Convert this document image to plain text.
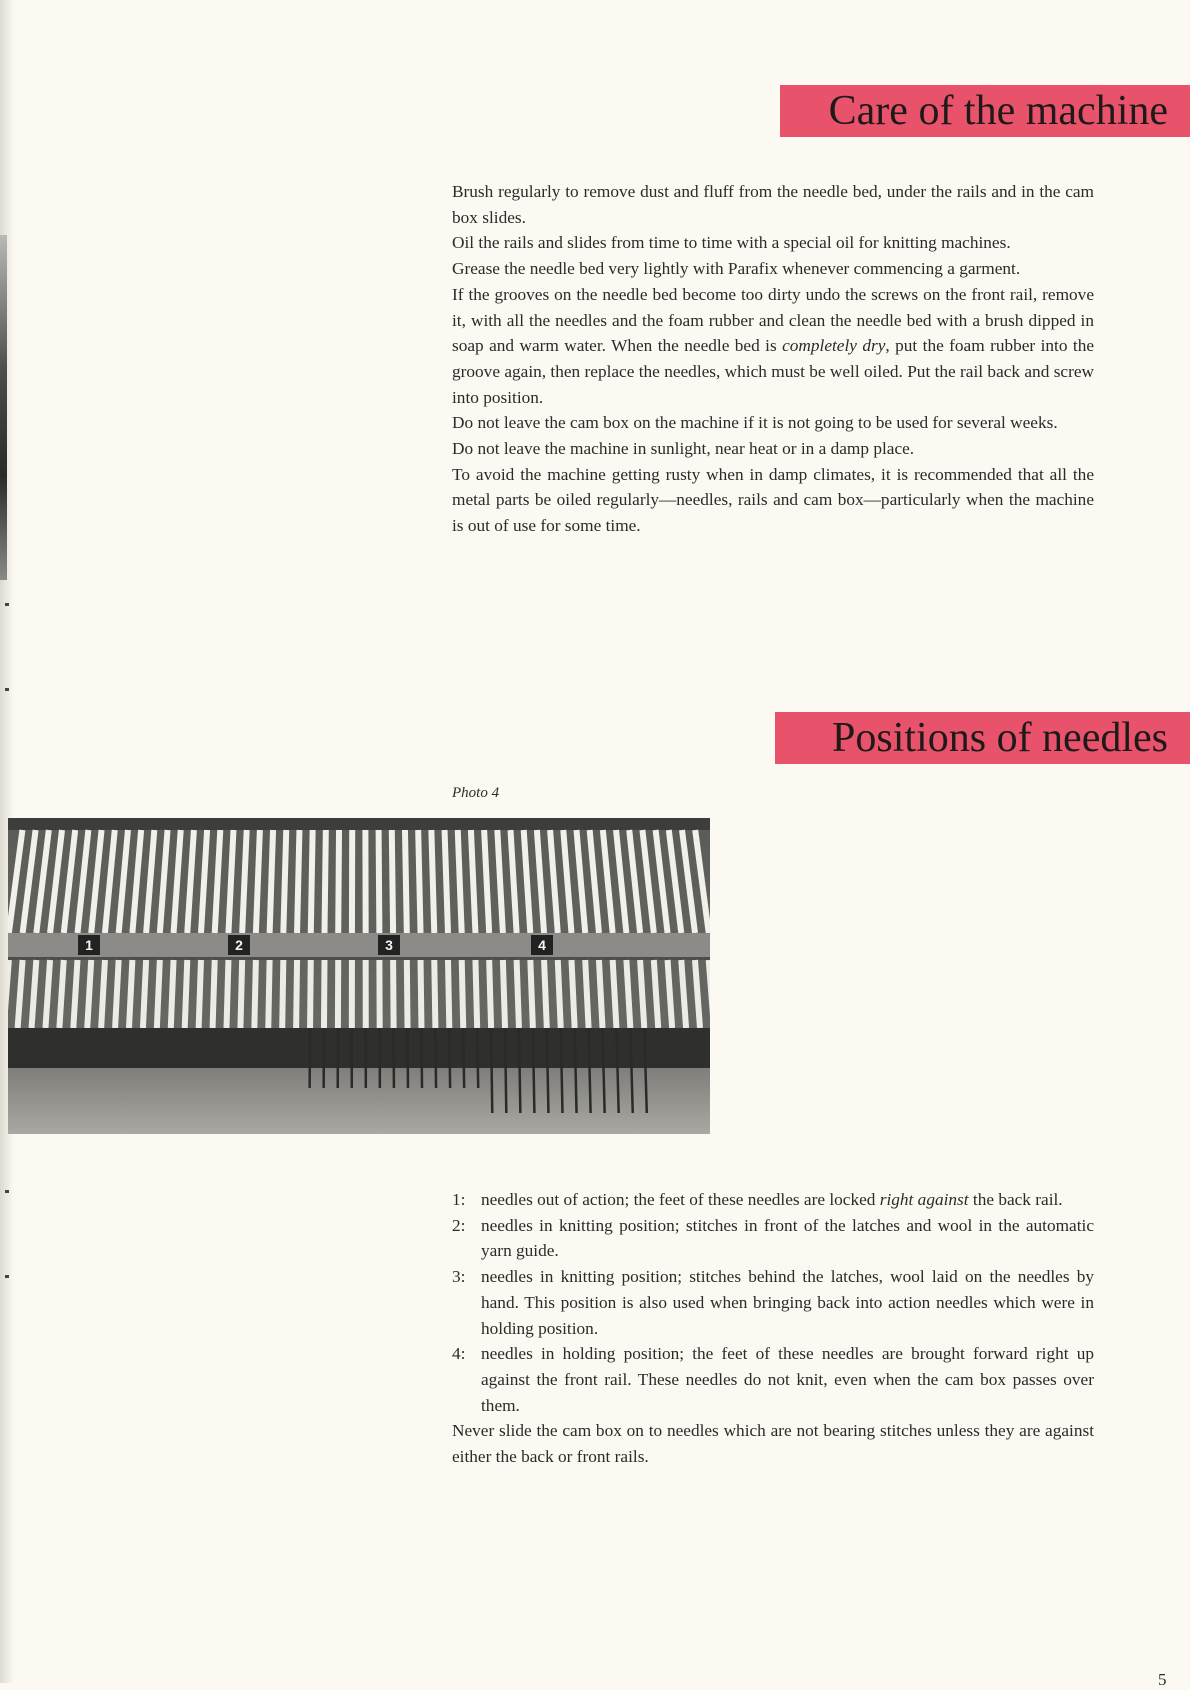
Care of the machine

Brush regularly to remove dust and fluff from the needle bed, under the rails and in the cam box slides.

Oil the rails and slides from time to time with a special oil for knitting machines.

Grease the needle bed very lightly with Parafix whenever commencing a garment.

If the grooves on the needle bed become too dirty undo the screws on the front rail, remove it, with all the needles and the foam rubber and clean the needle bed with a brush dipped in soap and warm water. When the needle bed is completely dry, put the foam rubber into the groove again, then replace the needles, which must be well oiled. Put the rail back and screw into position.

Do not leave the cam box on the machine if it is not going to be used for several weeks.

Do not leave the machine in sunlight, near heat or in a damp place.

To avoid the machine getting rusty when in damp climates, it is recommended that all the metal parts be oiled regularly—needles, rails and cam box—particularly when the machine is out of use for some time.

Positions of needles
Photo 4
1	2	3	4
1: needles out of action; the feet of these needles are locked right against the back rail.
2: needles in knitting position; stitches in front of the latches and wool in the automatic yarn guide.
3: needles in knitting position; stitches behind the latches, wool laid on the needles by hand. This position is also used when bringing back into action needles which were in holding position.
4: needles in holding position; the feet of these needles are brought forward right up against the front rail. These needles do not knit, even when the cam box passes over them.

Never slide the cam box on to needles which are not bearing stitches unless they are against either the back or front rails.

5
